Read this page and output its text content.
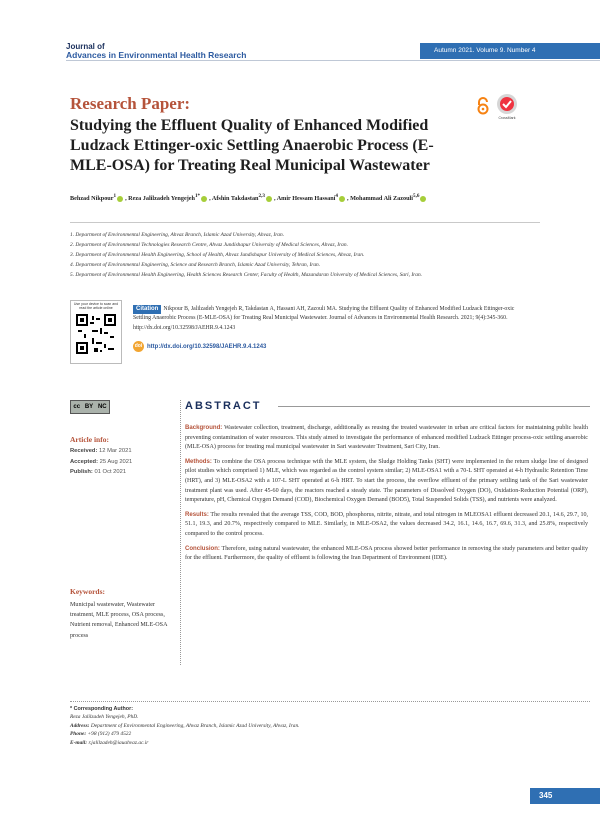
Journal of
Advances in Environmental Health Research	Autumn 2021. Volume 9. Number 4
Research Paper:
Studying the Effluent Quality of Enhanced Modified Ludzack Ettinger-oxic Settling Anaerobic Process (E-MLE-OSA) for Treating Real Municipal Wastewater
CrossMark
Behzad Nikpour$^1$ , Reza Jalilzadeh Yengejeh$^{1*}$ , Afshin Takdastan$^{2,3}$ , Amir Hessam Hassani$^4$ , Mohammad Ali Zazouli$^{5,6}$
1. Department of Environmental Engineering, Ahvaz Branch, Islamic Azad University, Ahvaz, Iran.
2. Department of Environmental Technologies Research Centre, Ahvaz Jundishapur University of Medical Sciences, Ahvaz, Iran.
3. Department of Environmental Health Engineering, School of Health, Ahvaz Jundishapur University of Medical Sciences, Ahvaz, Iran.
4. Department of Environmental Engineering, Science and Research Branch, Islamic Azad University, Tehran, Iran.
5. Department of Environmental Health Engineering, Health Sciences Research Center, Faculty of Health, Mazandaran University of Medical Sciences, Sari, Iran.
Use your device to scan and read the article online	Citation Nikpour B, Jalilzadeh Yengejeh R, Takdastan A, Hassani AH, Zazouli MA. Studying the Effluent Quality of Enhanced Modified Ludzack Ettinger-oxic Settling Anaerobic Process (E-MLE-OSA) for Treating Real Municipal Wastewater. Journal of Advances in Environmental Health Research. 2021; 9(4):345-360. http://dx.doi.org/10.32598/JAEHR.9.4.1243
doi http://dx.doi.org/10.32598/JAEHR.9.4.1243
cc BY NC	ABSTRACT
Article info:
Received: 12 Mar 2021
Accepted: 25 Aug 2021
Publish: 01 Oct 2021
Keywords:
Municipal wastewater, Wastewater treatment, MLE process, OSA process, Nutrient removal, Enhanced MLE-OSA process

Background: Wastewater collection, treatment, discharge, additionally as reusing the treated wastewater in urban are critical factors for maintaining public health preventing contamination of water resources. This study aimed to investigate the performance of enhanced modified Ludzack Ettinger process-oxic settling anaerobic (MLE-OSA) process for treating real municipal wastewater in Sari wastewater Treatment, Sari City, Iran.

Methods: To combine the OSA process technique with the MLE system, the Sludge Holding Tanks (SHT) were implemented in the return sludge line of designed pilot studies which comprised 1) MLE, which was regarded as the control system similar; 2) MLE-OSA1 with a 70-L SHT operated at 4-h Hydraulic Retention Time (HRT), and 3) MLE-OSA2 with a 107-L SHT operated at 6-h HRT. To start the process, the overflow effluent of the primary settling tank of the Sari wastewater treatment plant was used. After 45-60 days, the reactors reached a steady state. The parameters of Dissolved Oxygen (DO), Oxidation-Reduction Potential (ORP), temperature, pH, Chemical Oxygen Demand (COD), Biochemical Oxygen Demand (BOD5), Total Suspended Solids (TSS), and nutrients were analyzed.

Results: The results revealed that the average TSS, COD, BOD, phosphorus, nitrite, nitrate, and total nitrogen in MLEOSA1 effluent decreased 20.1, 14.6, 29.7, 10, 51.1, 19.3, and 20.7%, respectively compared to MLE. Similarly, in MLE-OSA2, the values decreased 34.2, 16.1, 14.6, 16.7, 69.6, 31.3, and 25.8%, respectively compared to the control process.

Conclusion: Therefore, using natural wastewater, the enhanced MLE-OSA process showed better performance in removing the study parameters and better quality for the effluent. Furthermore, the quality of effluent is following the Iran Department of Environment (IDE).

* Corresponding Author:
Reza Jalilzadeh Yengejeh, PhD.
Address: Department of Environmental Engineering, Ahvaz Branch, Islamic Azad University, Ahvaz, Iran.
Phone: +98 (912) 479 4522
E-mail: r.jalilzadeh@iauahvaz.ac.ir
345
